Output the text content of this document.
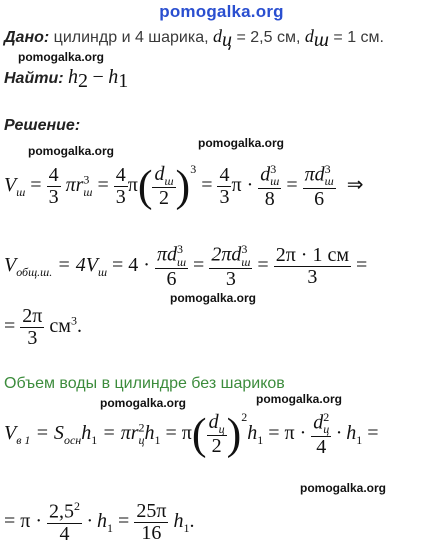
pomogalka.org
pomogalka.org
pomogalka.org
pomogalka.org
pomogalka.org
pomogalka.org	pomogalka.org
pomogalka.org
Дано: цилиндр и 4 шарика, $d_ц = 2,5$ см, $d_ш = 1$ см.
Найти: $h_2 - h_1$
Решение:
$V_ш = \frac{4}{3} \pi r^3_ш = \frac{4}{3} \pi( \frac{d_ш}{2} )^3 = \frac{4}{3}$ $\pi \cdot \frac{d^3_ш}{8} = \frac{\pi d^3_ш}{6}$ ⇒
$V_{общ.ш.} = 4V_ш = 4 \cdot \frac{\pi d^3_ш}{6} = \frac{2\pi d^3_ш}{3} = \frac{2\pi \cdot 1 см}{3}$ =
= $\frac{2\pi}{3} см^3$.
Объем воды в цилиндре без шариков
$V_{в 1} = S_{осн}h_1 = \pi r^2_цh_1 = \pi( \frac{d_ц}{2} )^2h_1 = \pi \cdot \frac{d^2_ц}{4} \cdot h_1$ =
= $\pi \cdot \frac{2,5^2}{4} \cdot h_1 = \frac{25\pi}{16} h_1$.
